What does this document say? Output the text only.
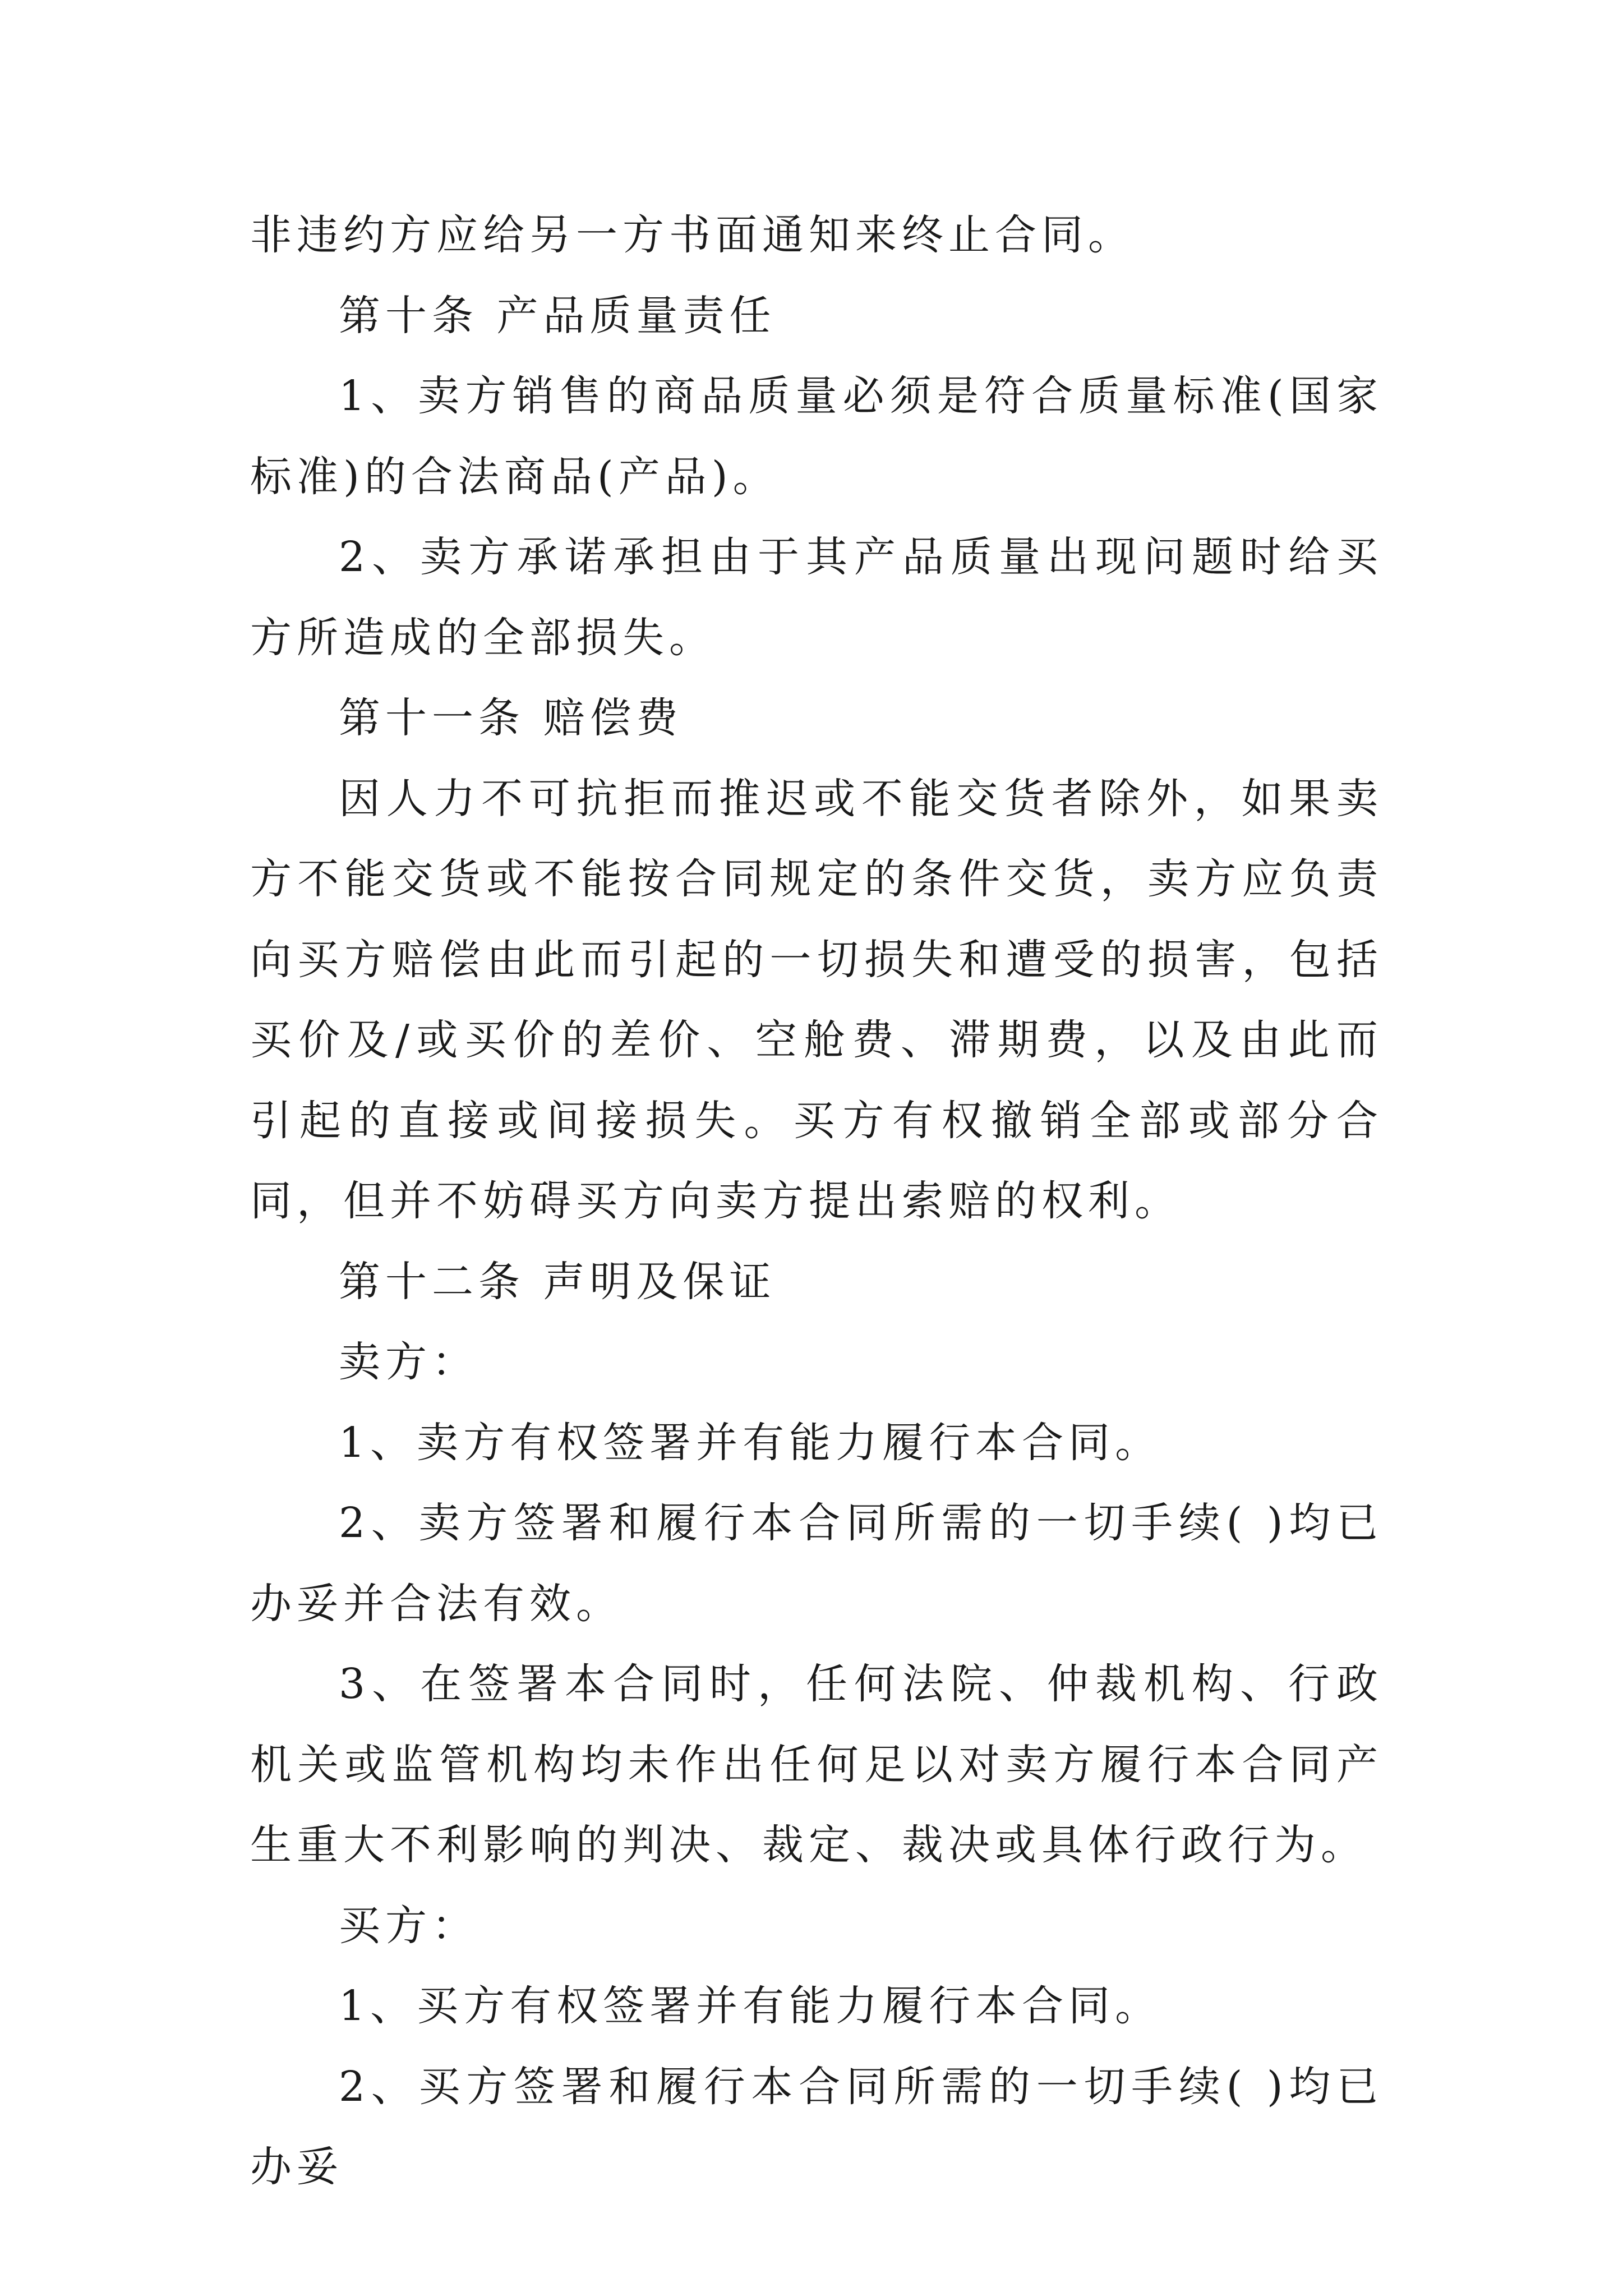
非违约方应给另一方书面通知来终止合同。

第十条 产品质量责任

1、卖方销售的商品质量必须是符合质量标准(国家标准)的合法商品(产品)。

2、卖方承诺承担由于其产品质量出现问题时给买方所造成的全部损失。

第十一条 赔偿费

因人力不可抗拒而推迟或不能交货者除外，如果卖方不能交货或不能按合同规定的条件交货，卖方应负责向买方赔偿由此而引起的一切损失和遭受的损害，包括买价及/或买价的差价、空舱费、滞期费，以及由此而引起的直接或间接损失。买方有权撤销全部或部分合同，但并不妨碍买方向卖方提出索赔的权利。

第十二条 声明及保证

卖方：

1、卖方有权签署并有能力履行本合同。

2、卖方签署和履行本合同所需的一切手续( )均已办妥并合法有效。

3、在签署本合同时，任何法院、仲裁机构、行政机关或监管机构均未作出任何足以对卖方履行本合同产生重大不利影响的判决、裁定、裁决或具体行政行为。

买方：

1、买方有权签署并有能力履行本合同。

2、买方签署和履行本合同所需的一切手续( )均已办妥
